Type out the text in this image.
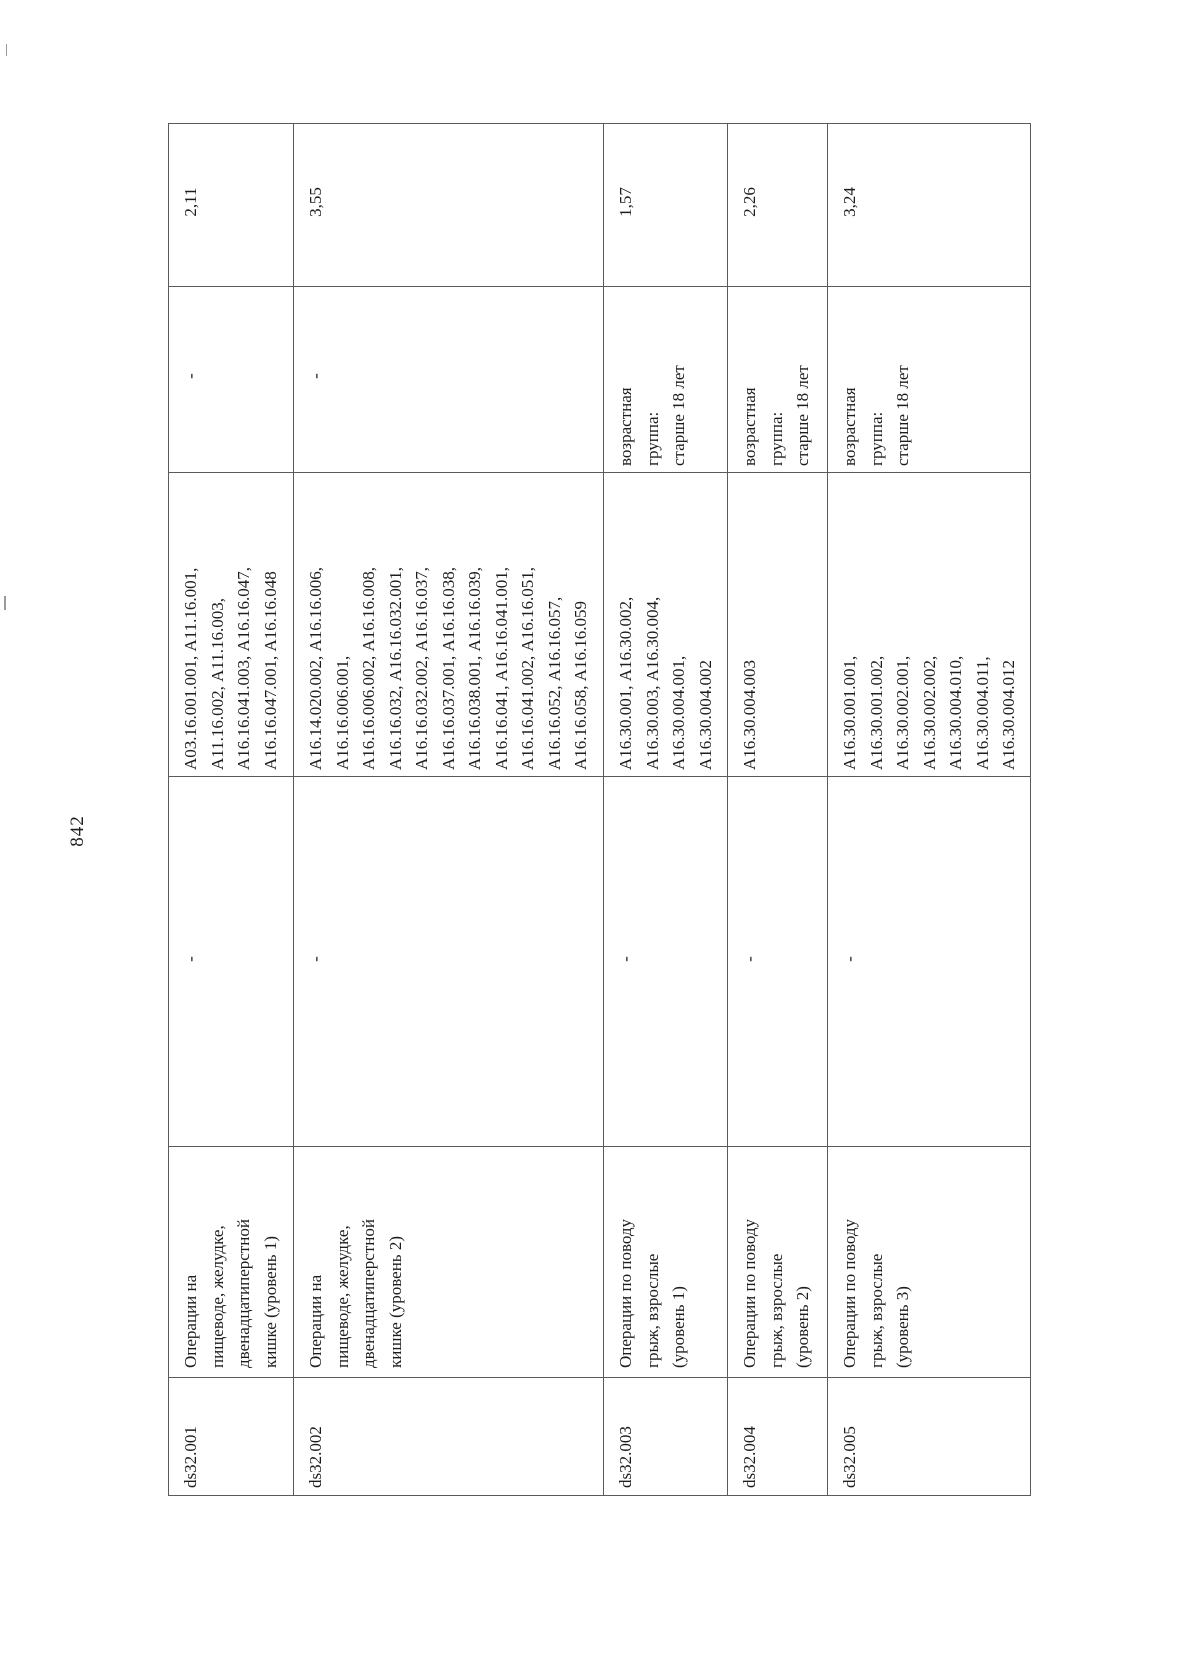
842
ds32.001
Операции на
пищеводе, желудке,
двенадцатиперстной
кишке (уровень 1)
-
А03.16.001.001, А11.16.001,
А11.16.002, А11.16.003,
А16.16.041.003, А16.16.047,
А16.16.047.001, А16.16.048
-
2,11
ds32.002
Операции на
пищеводе, желудке,
двенадцатиперстной
кишке (уровень 2)
-
А16.14.020.002, А16.16.006,
А16.16.006.001,
А16.16.006.002, А16.16.008,
А16.16.032, А16.16.032.001,
А16.16.032.002, А16.16.037,
А16.16.037.001, А16.16.038,
А16.16.038.001, А16.16.039,
А16.16.041, А16.16.041.001,
А16.16.041.002, А16.16.051,
А16.16.052, А16.16.057,
А16.16.058, А16.16.059
-
3,55
ds32.003
Операции по поводу
грыж, взрослые
(уровень 1)
-
А16.30.001, А16.30.002,
А16.30.003, А16.30.004,
А16.30.004.001,
А16.30.004.002
возрастная
группа:
старше 18 лет
1,57
ds32.004
Операции по поводу
грыж, взрослые
(уровень 2)
-
А16.30.004.003
возрастная
группа:
старше 18 лет
2,26
ds32.005
Операции по поводу
грыж, взрослые
(уровень 3)
-
А16.30.001.001,
А16.30.001.002,
А16.30.002.001,
А16.30.002.002,
А16.30.004.010,
А16.30.004.011,
А16.30.004.012
возрастная
группа:
старше 18 лет
3,24
